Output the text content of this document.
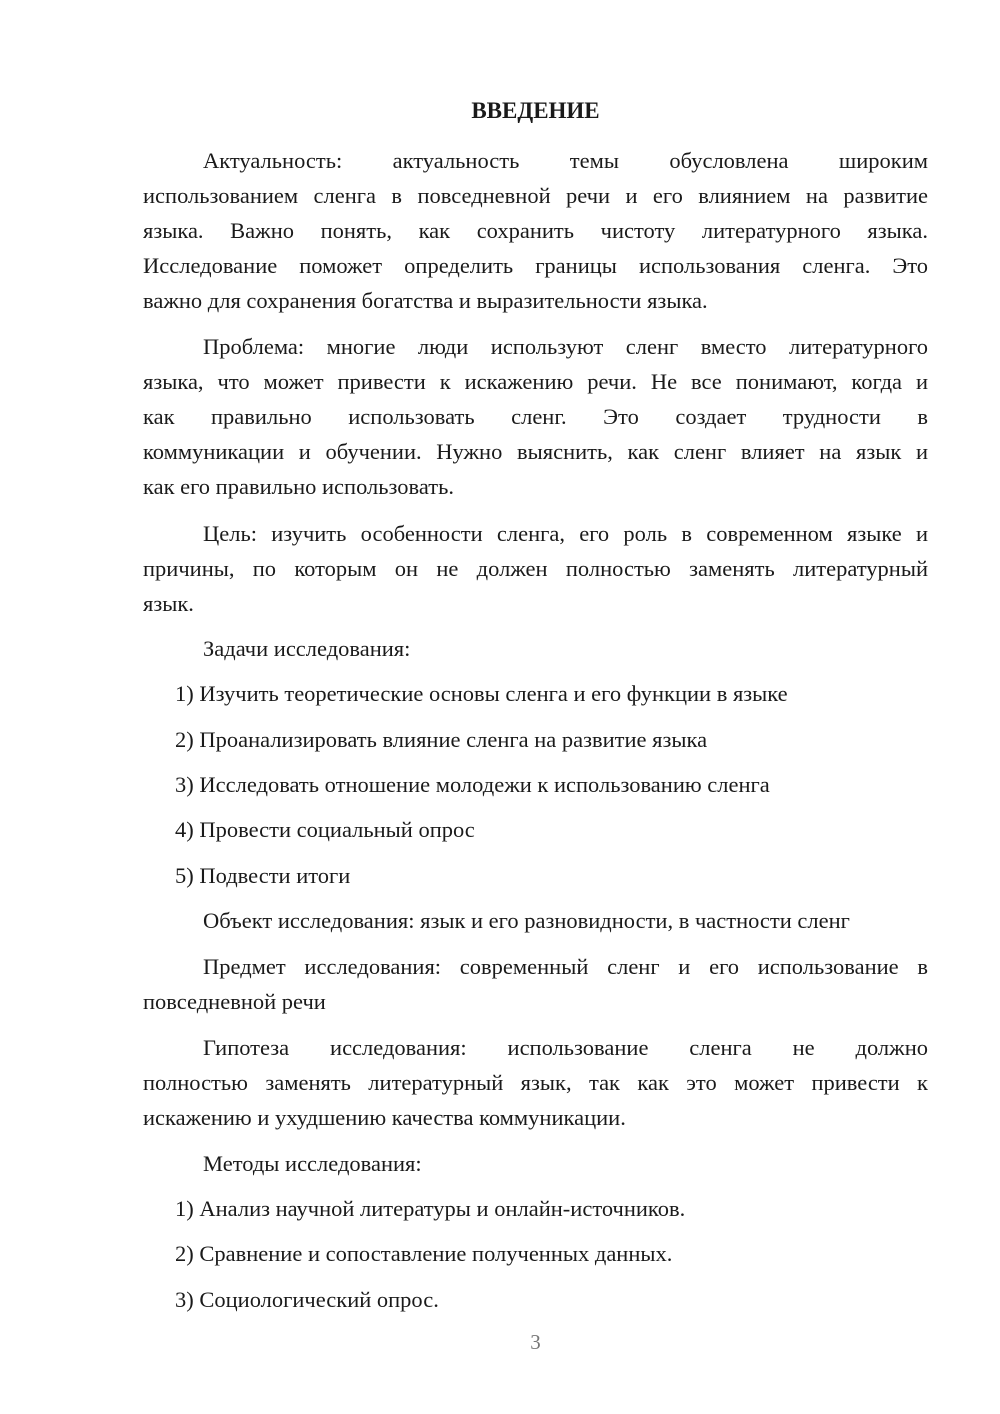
ВВЕДЕНИЕ
Актуальность: актуальность темы обусловлена широким
использованием сленга в повседневной речи и его влиянием на развитие
языка. Важно понять, как сохранить чистоту литературного языка.
Исследование поможет определить границы использования сленга. Это
важно для сохранения богатства и выразительности языка.
Проблема: многие люди используют сленг вместо литературного
языка, что может привести к искажению речи. Не все понимают, когда и
как правильно использовать сленг. Это создает трудности в
коммуникации и обучении. Нужно выяснить, как сленг влияет на язык и
как его правильно использовать.
Цель: изучить особенности сленга, его роль в современном языке и
причины, по которым он не должен полностью заменять литературный
язык.
Задачи исследования:
1) Изучить теоретические основы сленга и его функции в языке
2) Проанализировать влияние сленга на развитие языка
3) Исследовать отношение молодежи к использованию сленга
4) Провести социальный опрос
5) Подвести итоги
Объект исследования: язык и его разновидности, в частности сленг
Предмет исследования: современный сленг и его использование в
повседневной речи
Гипотеза исследования: использование сленга не должно
полностью заменять литературный язык, так как это может привести к
искажению и ухудшению качества коммуникации.
Методы исследования:
1) Анализ научной литературы и онлайн-источников.
2) Сравнение и сопоставление полученных данных.
3) Социологический опрос.
3
